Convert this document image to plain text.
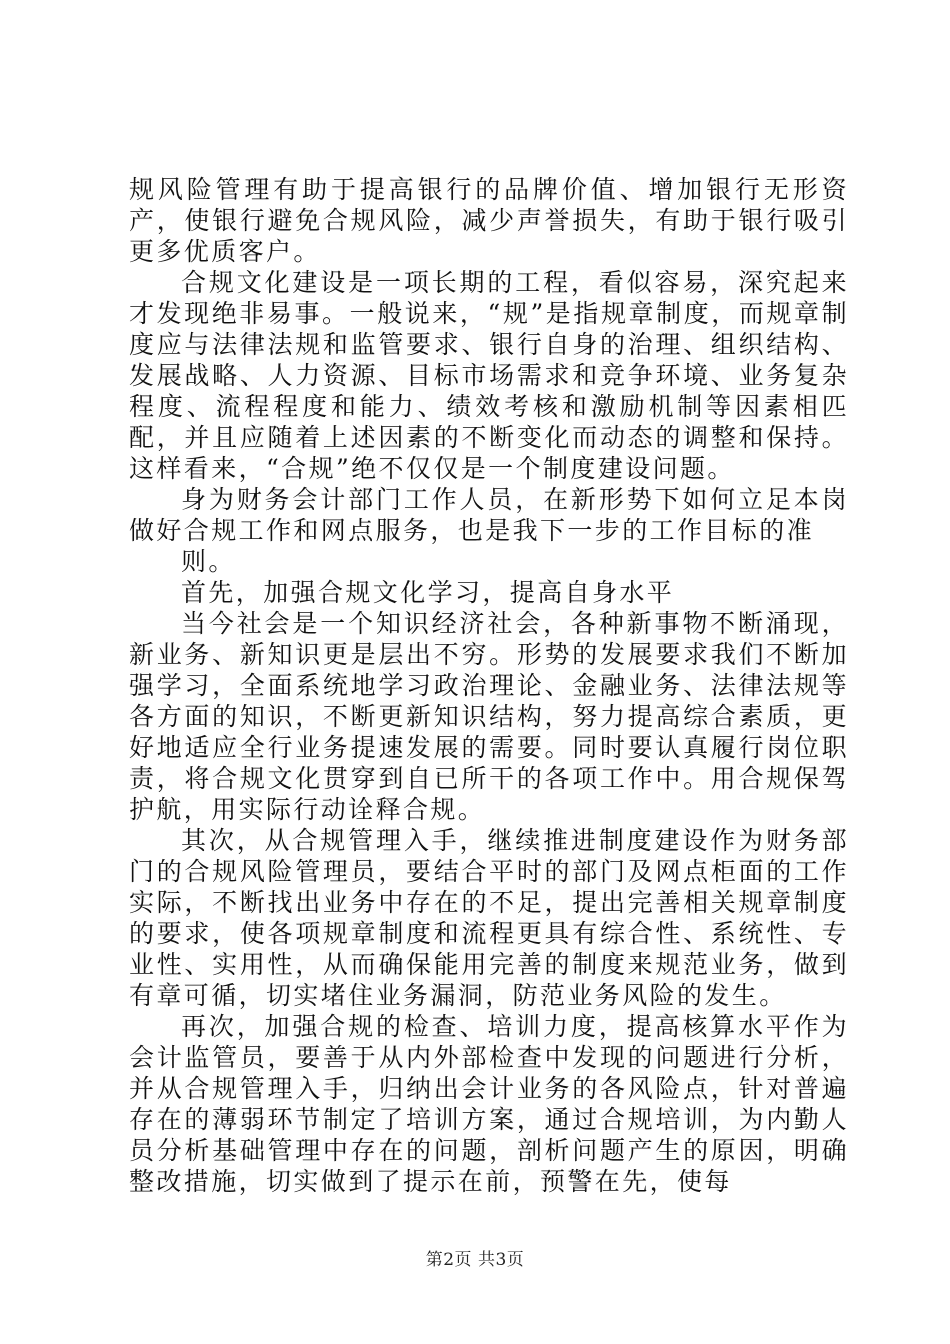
规风险管理有助于提高银行的品牌价值、增加银行无形资产，使银行避免合规风险，减少声誉损失，有助于银行吸引更多优质客户。

合规文化建设是一项长期的工程，看似容易，深究起来才发现绝非易事。一般说来，“规”是指规章制度，而规章制度应与法律法规和监管要求、银行自身的治理、组织结构、发展战略、人力资源、目标市场需求和竞争环境、业务复杂程度、流程程度和能力、绩效考核和激励机制等因素相匹配，并且应随着上述因素的不断变化而动态的调整和保持。这样看来，“合规”绝不仅仅是一个制度建设问题。

身为财务会计部门工作人员，在新形势下如何立足本岗做好合规工作和网点服务，也是我下一步的工作目标的准

则。

首先，加强合规文化学习，提高自身水平

当今社会是一个知识经济社会，各种新事物不断涌现，新业务、新知识更是层出不穷。形势的发展要求我们不断加强学习，全面系统地学习政治理论、金融业务、法律法规等各方面的知识，不断更新知识结构，努力提高综合素质，更好地适应全行业务提速发展的需要。同时要认真履行岗位职责，将合规文化贯穿到自已所干的各项工作中。用合规保驾护航，用实际行动诠释合规。

其次，从合规管理入手，继续推进制度建设作为财务部门的合规风险管理员，要结合平时的部门及网点柜面的工作实际，不断找出业务中存在的不足，提出完善相关规章制度的要求，使各项规章制度和流程更具有综合性、系统性、专业性、实用性，从而确保能用完善的制度来规范业务，做到有章可循，切实堵住业务漏洞，防范业务风险的发生。

再次，加强合规的检查、培训力度，提高核算水平作为会计监管员，要善于从内外部检查中发现的问题进行分析，并从合规管理入手，归纳出会计业务的各风险点，针对普遍存在的薄弱环节制定了培训方案，通过合规培训，为内勤人员分析基础管理中存在的问题，剖析问题产生的原因，明确整改措施，切实做到了提示在前，预警在先，使每

第2页 共3页
